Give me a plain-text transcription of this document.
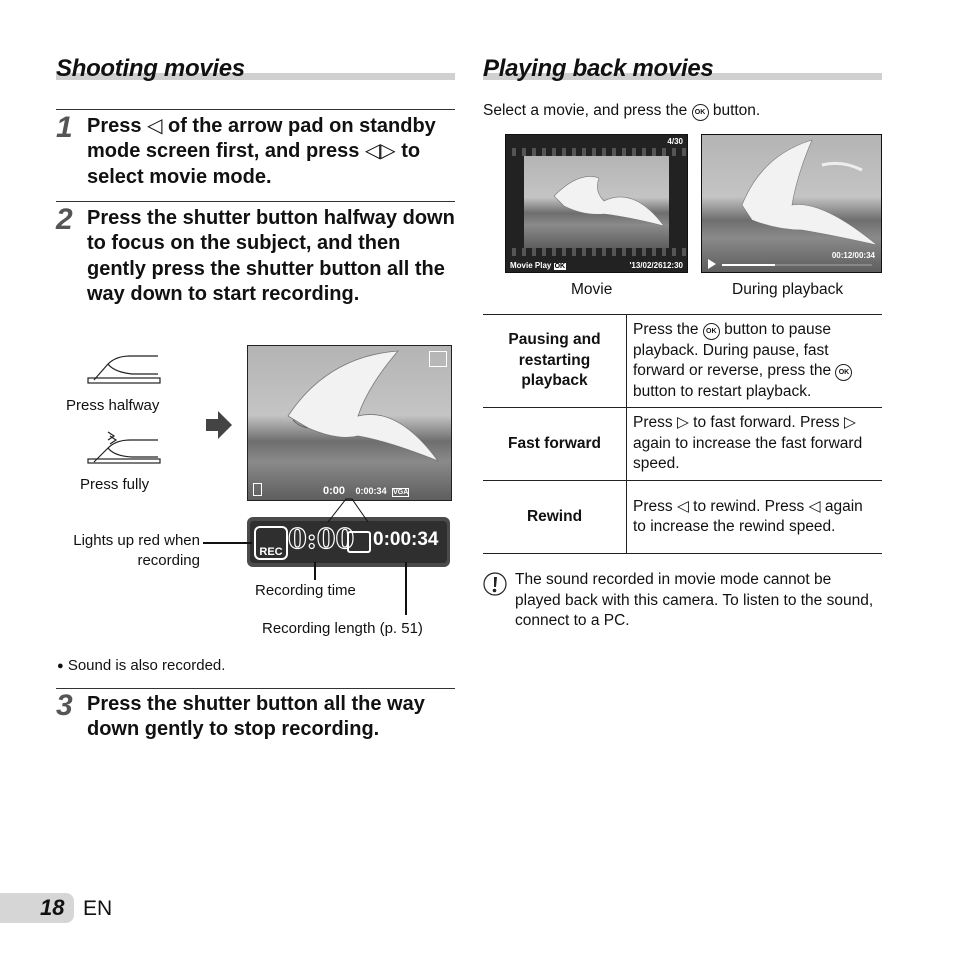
Shooting movies
1 Press ◁ of the arrow pad on standby mode screen first, and press ◁▷ to select movie mode.
2 Press the shutter button halfway down to focus on the subject, and then gently press the shutter button all the way down to start recording.
Press halfway
Press fully	0:00 0:00:34 VGA
REC 0:00 0:00:34
Lights up red when recording
Recording time
Recording length (p. 51)
● Sound is also recorded.
3 Press the shutter button all the way down gently to stop recording.
Playing back movies
Select a movie, and press the OK button.
4/30
Movie Play OK	'13/02/2612:30
Movie
00:12/00:34
During playback
Pausing and restarting playback	Press the OK button to pause playback. During pause, fast forward or reverse, press the OK button to restart playback.
Fast forward	Press ▷ to fast forward. Press ▷ again to increase the fast forward speed.
Rewind	Press ◁ to rewind. Press ◁ again to increase the rewind speed.
The sound recorded in movie mode cannot be played back with this camera. To listen to the sound, connect to a PC.
18 EN
